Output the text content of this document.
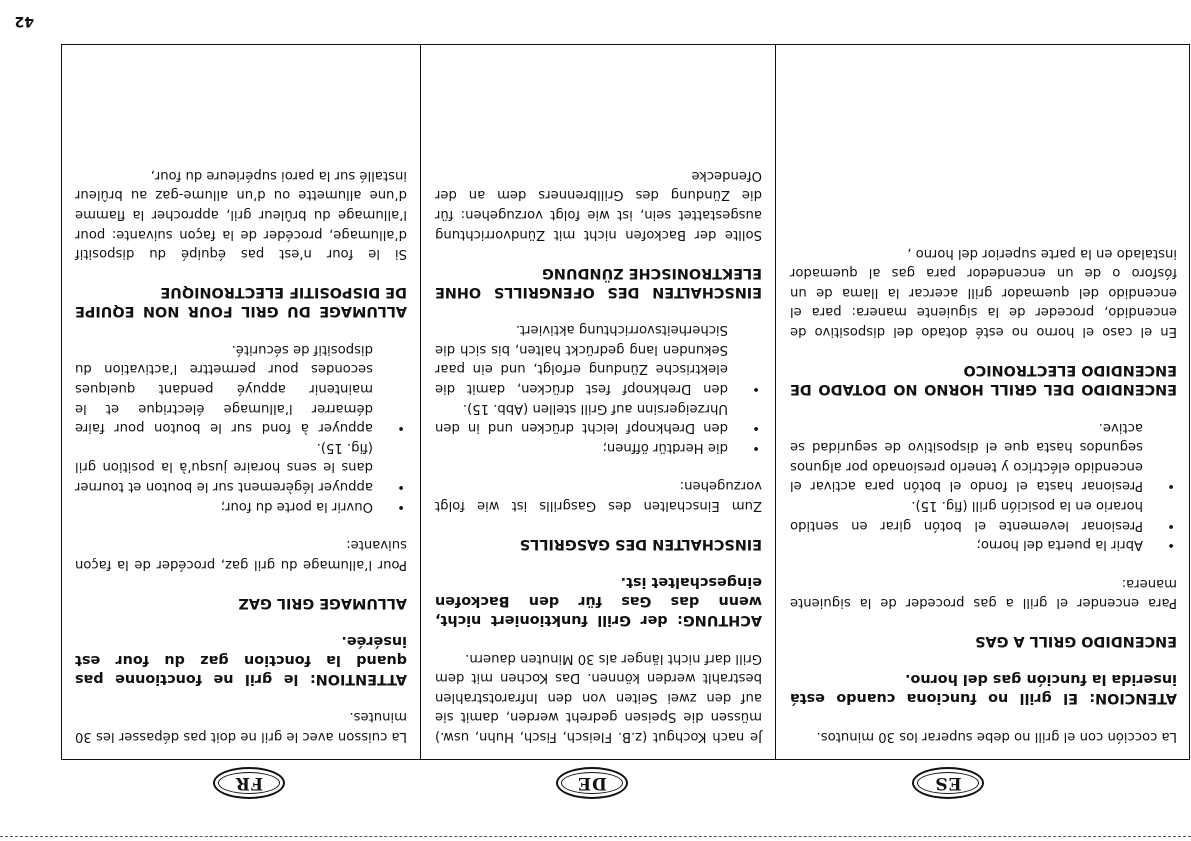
ES
DE
FR

La cocción con el grill no debe superar los 30 minutos.

ATENCION: El grill no funciona cuando está inserida la función gas del horno.
ENCENDIDO GRILL A GAS

Para encender el grill a gas proceder de la siguiente manera:

•
Abrir la puerta del horno;
•
Presionar levemente el botón girar en sentido horario en la posición grill (fig. 15).
•
Presionar hasta el fondo el botón para activar el encendido eléctrico y tenerlo presionado por algunos segundos hasta que el dispositivo de seguridad se active.
ENCENDIDO DEL GRILL HORNO NO DOTADO DE ENCENDIDO ELECTRONICO

En el caso el horno no esté dotado del dispositivo de encendido, proceder de la siguiente manera: para el encendido del quemador grill acercar la llama de un fósforo o de un encendedor para gas al quemador instalado en la parte superior del horno ,

Je nach Kochgut (z.B. Fleisch, Fisch, Huhn, usw.) müssen die Speisen gedreht werden, damit sie auf den zwei Seiten von den Infrarotstrahlen bestrahlt werden können. Das Kochen mit dem Grill darf nicht länger als 30 Minuten dauern.

ACHTUNG: der Grill funktioniert nicht, wenn das Gas für den Backofen eingeschaltet ist.
EINSCHALTEN DES GASGRILLS

Zum Einschalten des Gasgrills ist wie folgt vorzugehen:

•
die Herdtür öffnen;
•
den Drehknopf leicht drücken und in den Uhrzeigersinn auf Grill stellen (Abb. 15).
•
den Drehknopf fest drücken, damit die elektrische Zündung erfolgt, und ein paar Sekunden lang gedrückt halten, bis sich die Sicherheitsvorrichtung aktiviert.
EINSCHALTEN DES OFENGRILLS OHNE ELEKTRONISCHE ZÜNDUNG

Sollte der Backofen nicht mit Zündvorrichtung ausgestattet sein, ist wie folgt vorzugehen: für die Zündung des Grillbrenners dem an der Ofendecke

La cuisson avec le gril ne doit pas dépasser les 30 minutes.

ATTENTION: le gril ne fonctionne pas quand la fonction gaz du four est insérée.
ALLUMAGE GRIL GAZ

Pour l’allumage du gril gaz, procéder de la façon suivante:

•
Ouvrir la porte du four;
•
appuyer légèrement sur le bouton et tourner dans le sens horaire jusqu’à la position gril (fig. 15).
•
appuyer à fond sur le bouton pour faire démarrer l’allumage électrique et le maintenir appuyé pendant quelques secondes pour permettre l’activation du dispositif de sécurité.
ALLUMAGE DU GRIL FOUR NON EQUIPE DE DISPOSITIF ELECTRONIQUE

Si le four n’est pas équipé du dispositif d’allumage, procéder de la façon suivante: pour l’allumage du brûleur gril, approcher la flamme d’une allumette ou d’un allume-gaz au brûleur installé sur la paroi supérieure du four,

42
